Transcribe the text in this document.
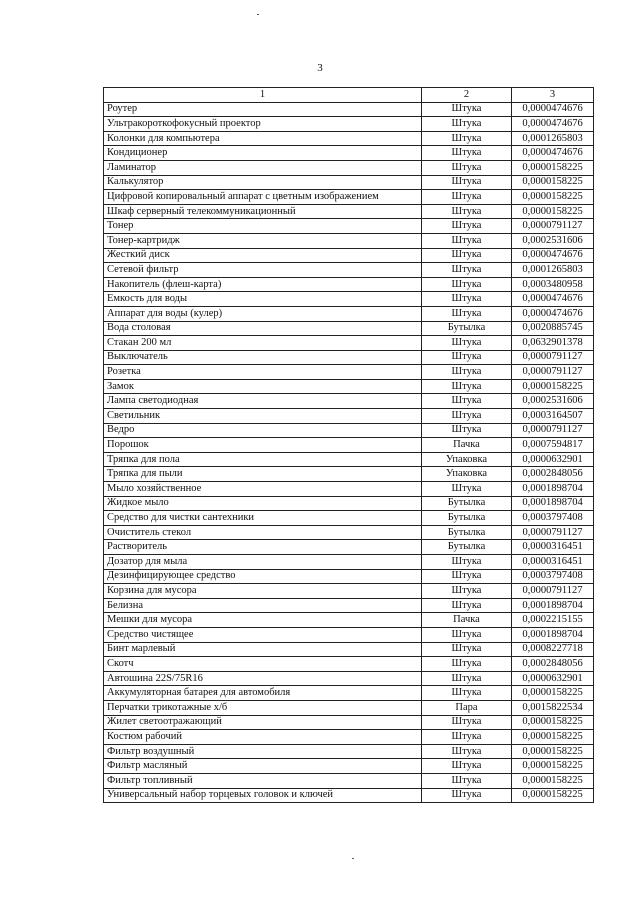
3
1	2	3
Роутер	Штука	0,0000474676
Ультракороткофокусный проектор	Штука	0,0000474676
Колонки для компьютера	Штука	0,0001265803
Кондиционер	Штука	0,0000474676
Ламинатор	Штука	0,0000158225
Калькулятор	Штука	0,0000158225
Цифровой копировальный аппарат с цветным изображением	Штука	0,0000158225
Шкаф серверный телекоммуникационный	Штука	0,0000158225
Тонер	Штука	0,0000791127
Тонер-картридж	Штука	0,0002531606
Жесткий диск	Штука	0,0000474676
Сетевой фильтр	Штука	0,0001265803
Накопитель (флеш-карта)	Штука	0,0003480958
Емкость для воды	Штука	0,0000474676
Аппарат для воды (кулер)	Штука	0,0000474676
Вода столовая	Бутылка	0,0020885745
Стакан 200 мл	Штука	0,0632901378
Выключатель	Штука	0,0000791127
Розетка	Штука	0,0000791127
Замок	Штука	0,0000158225
Лампа светодиодная	Штука	0,0002531606
Светильник	Штука	0,0003164507
Ведро	Штука	0,0000791127
Порошок	Пачка	0,0007594817
Тряпка для пола	Упаковка	0,0000632901
Тряпка для пыли	Упаковка	0,0002848056
Мыло хозяйственное	Штука	0,0001898704
Жидкое мыло	Бутылка	0,0001898704
Средство для чистки сантехники	Бутылка	0,0003797408
Очиститель стекол	Бутылка	0,0000791127
Растворитель	Бутылка	0,0000316451
Дозатор для мыла	Штука	0,0000316451
Дезинфицирующее средство	Штука	0,0003797408
Корзина для мусора	Штука	0,0000791127
Белизна	Штука	0,0001898704
Мешки для мусора	Пачка	0,0002215155
Средство чистящее	Штука	0,0001898704
Бинт марлевый	Штука	0,0008227718
Скотч	Штука	0,0002848056
Автошина 22S/75R16	Штука	0,0000632901
Аккумуляторная батарея для автомобиля	Штука	0,0000158225
Перчатки трикотажные х/б	Пара	0,0015822534
Жилет светоотражающий	Штука	0,0000158225
Костюм рабочий	Штука	0,0000158225
Фильтр воздушный	Штука	0,0000158225
Фильтр масляный	Штука	0,0000158225
Фильтр топливный	Штука	0,0000158225
Универсальный набор торцевых головок и ключей	Штука	0,0000158225
